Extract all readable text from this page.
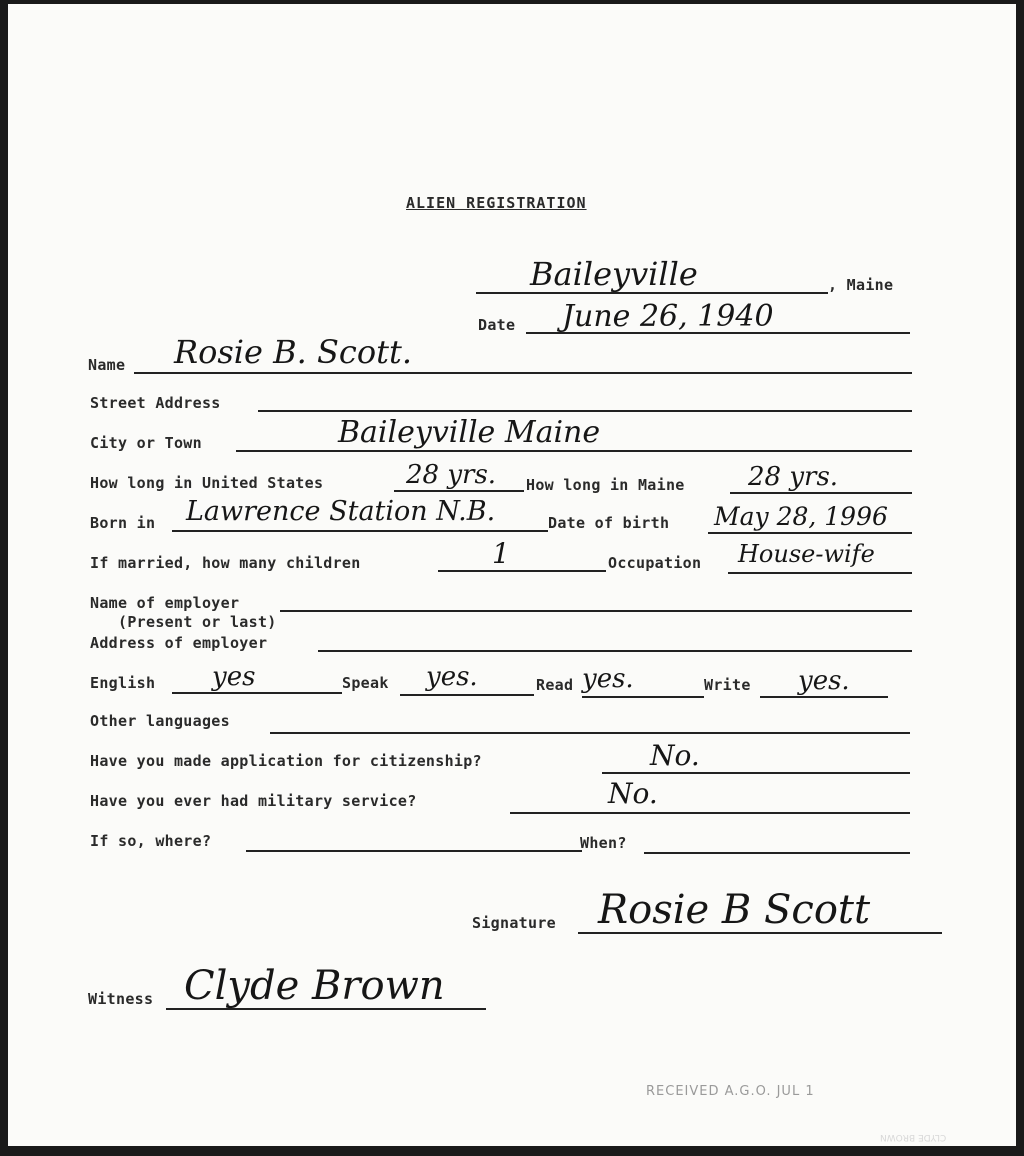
ALIEN REGISTRATION
Baileyville	, Maine
Date June 26, 1940
Name Rosie B. Scott.
Street Address
City or Town	Baileyville Maine
How long in United States	28 yrs. How long in Maine 28 yrs.
Born in Lawrence Station N.B.	Date of birth May 28, 1996
If married, how many children	1	Occupation House-wife
Name of employer
(Present or last)
Address of employer
English yes	Speak yes.	Read yes.	Write yes.
Other languages
Have you made application for citizenship?	No.
Have you ever had military service?	No.
If so, where?	When?
Signature Rosie B Scott
Witness Clyde Brown
RECEIVED A.G.O. JUL 1
CLYDE BROWN
